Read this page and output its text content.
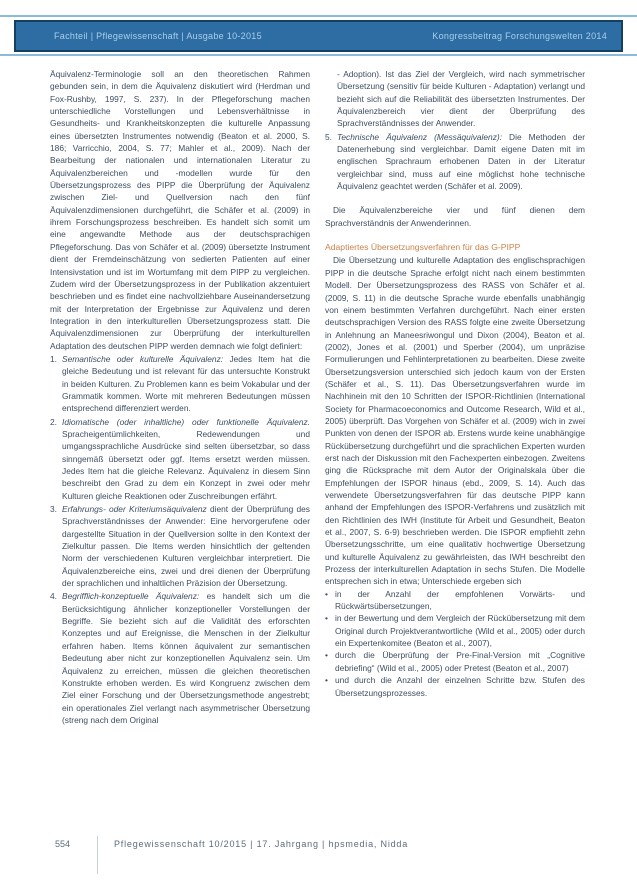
Fachteil | Pflegewissenschaft | Ausgabe 10-2015	Kongressbeitrag Forschungswelten 2014

Äquivalenz-Terminologie soll an den theoretischen Rahmen gebunden sein, in dem die Äquivalenz diskutiert wird (Herdman und Fox-Rushby, 1997, S. 237). In der Pflegeforschung machen unterschiedliche Vorstellungen und Lebensverhältnisse in Gesundheits- und Krankheitskonzepten die kulturelle Anpassung eines übersetzten Instrumentes notwendig (Beaton et al. 2000, S. 186; Varricchio, 2004, S. 77; Mahler et al., 2009). Nach der Bearbeitung der nationalen und internationalen Literatur zu Äquivalenzbereichen und -modellen wurde für den Übersetzungsprozess des PIPP die Überprüfung der Äquivalenz zwischen Ziel- und Quellversion nach den fünf Äquivalenzdimensionen durchgeführt, die Schäfer et al. (2009) in ihrem Forschungsprozess beschreiben. Es handelt sich somit um eine angewandte Methode aus der deutschsprachigen Pflegeforschung. Das von Schäfer et al. (2009) übersetzte Instrument dient der Fremdeinschätzung von sedierten Patienten auf einer Intensivstation und ist im Wortumfang mit dem PIPP zu vergleichen. Zudem wird der Übersetzungsprozess in der Publikation akzentuiert beschrieben und es findet eine nachvollziehbare Auseinandersetzung mit der Interpretation der Ergebnisse zur Äquivalenz und deren Integration in den interkulturellen Übersetzungsprozess statt. Die Äquivalenzdimensionen zur Überprüfung der interkulturellen Adaptation des deutschen PIPP werden demnach wie folgt definiert:

1. Semantische oder kulturelle Äquivalenz: Jedes Item hat die gleiche Bedeutung und ist relevant für das untersuchte Konstrukt in beiden Kulturen. Zu Problemen kann es beim Vokabular und der Grammatik kommen. Worte mit mehreren Bedeutungen müssen entsprechend differenziert werden.
2. Idiomatische (oder inhaltliche) oder funktionelle Äquivalenz. Spracheigentümlichkeiten, Redewendungen und umgangssprachliche Ausdrücke sind selten übersetzbar, so dass sinngemäß übersetzt oder ggf. Items ersetzt werden müssen. Jedes Item hat die gleiche Relevanz. Äquivalenz in diesem Sinn beschreibt den Grad zu dem ein Konzept in zwei oder mehr Kulturen gleiche Reaktionen oder Zuschreibungen erfährt.
3. Erfahrungs- oder Kriteriumsäquivalenz dient der Überprüfung des Sprachverständnisses der Anwender: Eine hervorgerufene oder dargestellte Situation in der Quellversion sollte in den Kontext der Zielkultur passen. Die Items werden hinsichtlich der geltenden Norm der verschiedenen Kulturen vergleichbar interpretiert. Die Äquivalenzbereiche eins, zwei und drei dienen der Überprüfung der sprachlichen und inhaltlichen Präzision der Übersetzung.
4. Begrifflich-konzeptuelle Äquivalenz: es handelt sich um die Berücksichtigung ähnlicher konzeptioneller Vorstellungen der Begriffe. Sie bezieht sich auf die Validität des erforschten Konzeptes und auf Ereignisse, die Menschen in der Zielkultur erfahren haben. Items können äquivalent zur semantischen Bedeutung aber nicht zur konzeptionellen Äquivalenz sein. Um Äquivalenz zu erreichen, müssen die gleichen theoretischen Konstrukte erhoben werden. Es wird Kongruenz zwischen dem Ziel einer Forschung und der Übersetzungsmethode angestrebt; ein operationales Ziel verlangt nach asymmetrischer Übersetzung (streng nach dem Original

- Adoption). Ist das Ziel der Vergleich, wird nach symmetrischer Übersetzung (sensitiv für beide Kulturen - Adaptation) verlangt und bezieht sich auf die Reliabilität des übersetzten Instrumentes. Der Äquivalenzbereich vier dient der Überprüfung des Sprachverständnisses der Anwender.

5. Technische Äquivalenz (Messäquivalenz): Die Methoden der Datenerhebung sind vergleichbar. Damit eigene Daten mit im englischen Sprachraum erhobenen Daten in der Literatur vergleichbar sind, muss auf eine möglichst hohe technische Äquivalenz geachtet werden (Schäfer et al. 2009).

Die Äquivalenzbereiche vier und fünf dienen dem Sprachverständnis der Anwenderinnen.

Adaptiertes Übersetzungsverfahren für das G-PIPP

Die Übersetzung und kulturelle Adaptation des englischsprachigen PIPP in die deutsche Sprache erfolgt nicht nach einem bestimmten Modell. Der Übersetzungsprozess des RASS von Schäfer et al. (2009, S. 11) in die deutsche Sprache wurde ebenfalls unabhängig von einem bestimmten Verfahren durchgeführt. Nach einer ersten deutschsprachigen Version des RASS folgte eine zweite Übersetzung in Anlehnung an Maneesriwongul und Dixon (2004), Beaton et al. (2002), Jones et al. (2001) und Sperber (2004), um unpräzise Formulierungen und Fehlinterpretationen zu bearbeiten. Diese zweite Übersetzungsversion unterschied sich jedoch kaum von der Ersten (Schäfer et al., S. 11). Das Übersetzungsverfahren wurde im Nachhinein mit den 10 Schritten der ISPOR-Richtlinien (International Society for Pharmacoeconomics and Outcome Research, Wild et al., 2005) überprüft. Das Vorgehen von Schäfer et al. (2009) wich in zwei Punkten von denen der ISPOR ab. Erstens wurde keine unabhängige Rückübersetzung durchgeführt und die sprachlichen Experten wurden erst nach der Diskussion mit den Fachexperten einbezogen. Zweitens ging die Rücksprache mit dem Autor der Originalskala über die Empfehlungen der ISPOR hinaus (ebd., 2009, S. 14). Auch das verwendete Übersetzungsverfahren für das deutsche PIPP kann anhand der Empfehlungen des ISPOR-Verfahrens und zusätzlich mit den Richtlinien des IWH (Institute für Arbeit und Gesundheit, Beaton et al., 2007, S. 6-9) beschrieben werden. Die ISPOR empfiehlt zehn Übersetzungsschritte, um eine qualitativ hochwertige Übersetzung und kulturelle Äquivalenz zu gewährleisten, das IWH beschreibt den Prozess der interkulturellen Adaptation in sechs Stufen. Die Modelle entsprechen sich in etwa; Unterschiede ergeben sich

• in der Anzahl der empfohlenen Vorwärts- und Rückwärtsübersetzungen,
• in der Bewertung und dem Vergleich der Rückübersetzung mit dem Original durch Projektverantwortliche (Wild et al., 2005) oder durch ein Expertenkomitee (Beaton et al., 2007),
• durch die Überprüfung der Pre-Final-Version mit „Cognitive debriefing“ (Wild et al., 2005) oder Pretest (Beaton et al., 2007)
• und durch die Anzahl der einzelnen Schritte bzw. Stufen des Übersetzungsprozesses.
554	Pflegewissenschaft 10/2015 | 17. Jahrgang | hpsmedia, Nidda
